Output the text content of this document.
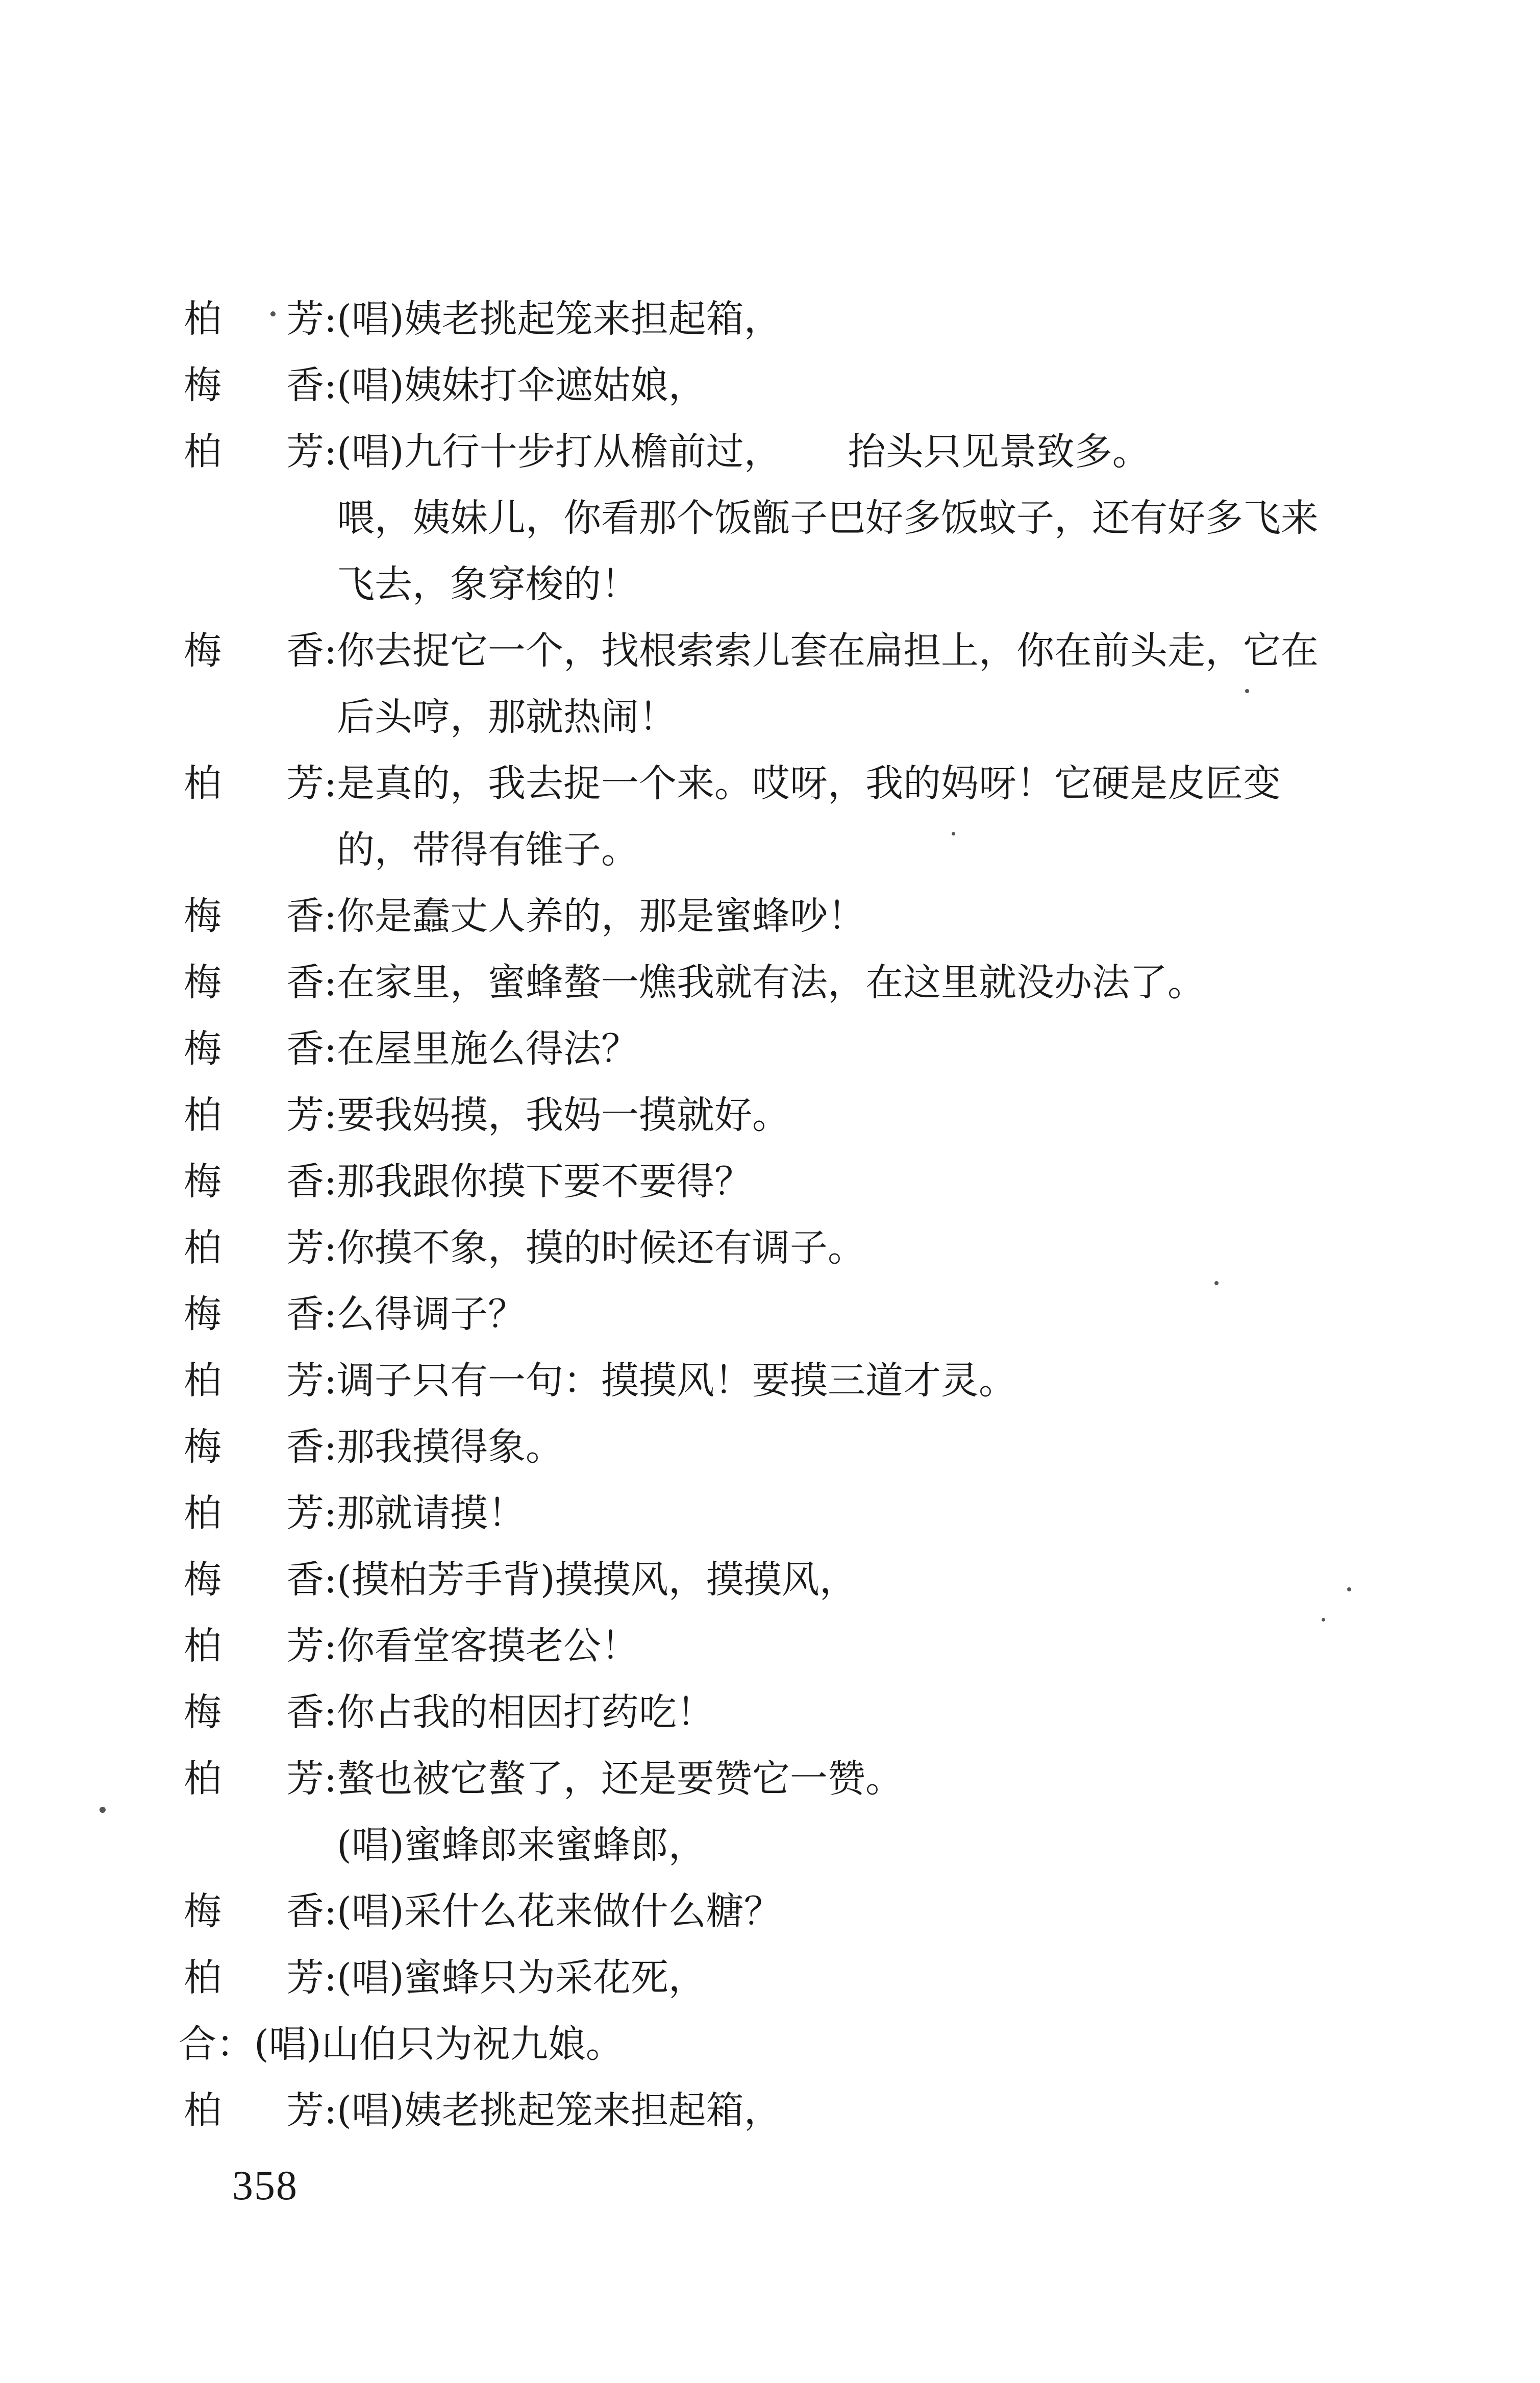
柏 芳 : (唱)姨老挑起笼来担起箱，
梅 香 : (唱)姨妹打伞遮姑娘，
柏 芳 : (唱)九行十步打从檐前过， 抬头只见景致多。
喂，姨妹儿，你看那个饭甑子巴好多饭蚊子，还有好多飞来
飞去，象穿梭的！
梅 香 : 你去捉它一个，找根索索儿套在扁担上，你在前头走，它在
后头哼，那就热闹！
柏 芳 : 是真的，我去捉一个来。哎呀，我的妈呀！它硬是皮匠变
的，带得有锥子。
梅 香 : 你是蠢丈人养的，那是蜜蜂吵！
梅 香 : 在家里，蜜蜂螯一燋我就有法，在这里就没办法了。
梅 香 : 在屋里施么得法？
柏 芳 : 要我妈摸，我妈一摸就好。
梅 香 : 那我跟你摸下要不要得？
柏 芳 : 你摸不象，摸的时候还有调子。
梅 香 : 么得调子？
柏 芳 : 调子只有一句：摸摸风！要摸三道才灵。
梅 香 : 那我摸得象。
柏 芳 : 那就请摸！
梅 香 : (摸柏芳手背)摸摸风，摸摸风，
柏 芳 : 你看堂客摸老公！
梅 香 : 你占我的相因打药吃！
柏 芳 : 螯也被它螯了，还是要赞它一赞。
(唱)蜜蜂郎来蜜蜂郎，
梅 香 : (唱)采什么花来做什么糖？
柏 芳 : (唱)蜜蜂只为采花死，
合：(唱)山伯只为祝九娘。
柏 芳 : (唱)姨老挑起笼来担起箱，
358
